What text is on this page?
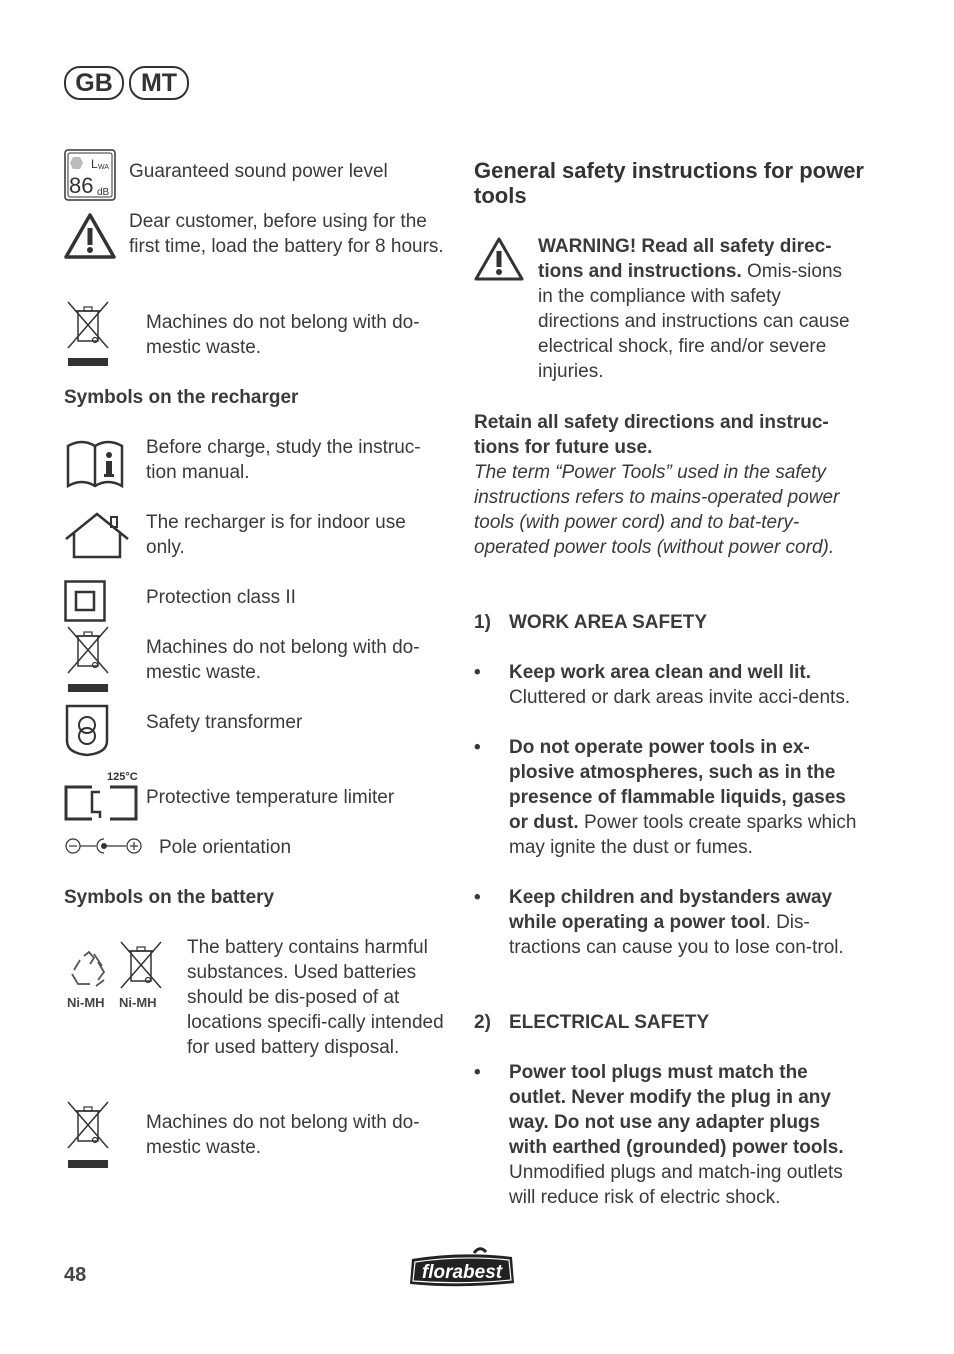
GB	MT
L WA
86 dB
Guaranteed sound power level
Dear customer, before using for the first time, load the battery for 8 hours.
Machines do not belong with do-mestic waste.
Symbols on the recharger
Before charge, study the instruc-tion manual.
The recharger is for indoor use only.
Protection class II
Machines do not belong with do-mestic waste.
Safety transformer
125°C
Protective temperature limiter
Pole orientation
Symbols on the battery
Ni-MH Ni-MH
The battery contains harmful substances. Used batteries should be dis-posed of at locations specifi-cally intended for used battery disposal.
Machines do not belong with do-mestic waste.
General safety instructions for power tools
WARNING! Read all safety direc-tions and instructions. Omis-sions in the compliance with safety directions and instructions can cause electrical shock, fire and/or severe injuries.
Retain all safety directions and instruc-tions for future use.
The term “Power Tools” used in the safety instructions refers to mains-operated power tools (with power cord) and to bat-tery-operated power tools (without power cord).
1) WORK AREA SAFETY
• Keep work area clean and well lit. Cluttered or dark areas invite acci-dents.
• Do not operate power tools in ex-plosive atmospheres, such as in the presence of flammable liquids, gases or dust. Power tools create sparks which may ignite the dust or fumes.
• Keep children and bystanders away while operating a power tool. Dis-tractions can cause you to lose con-trol.
2) ELECTRICAL SAFETY
• Power tool plugs must match the outlet. Never modify the plug in any way. Do not use any adapter plugs with earthed (grounded) power tools. Unmodified plugs and match-ing outlets will reduce risk of electric shock.
48	florabest
